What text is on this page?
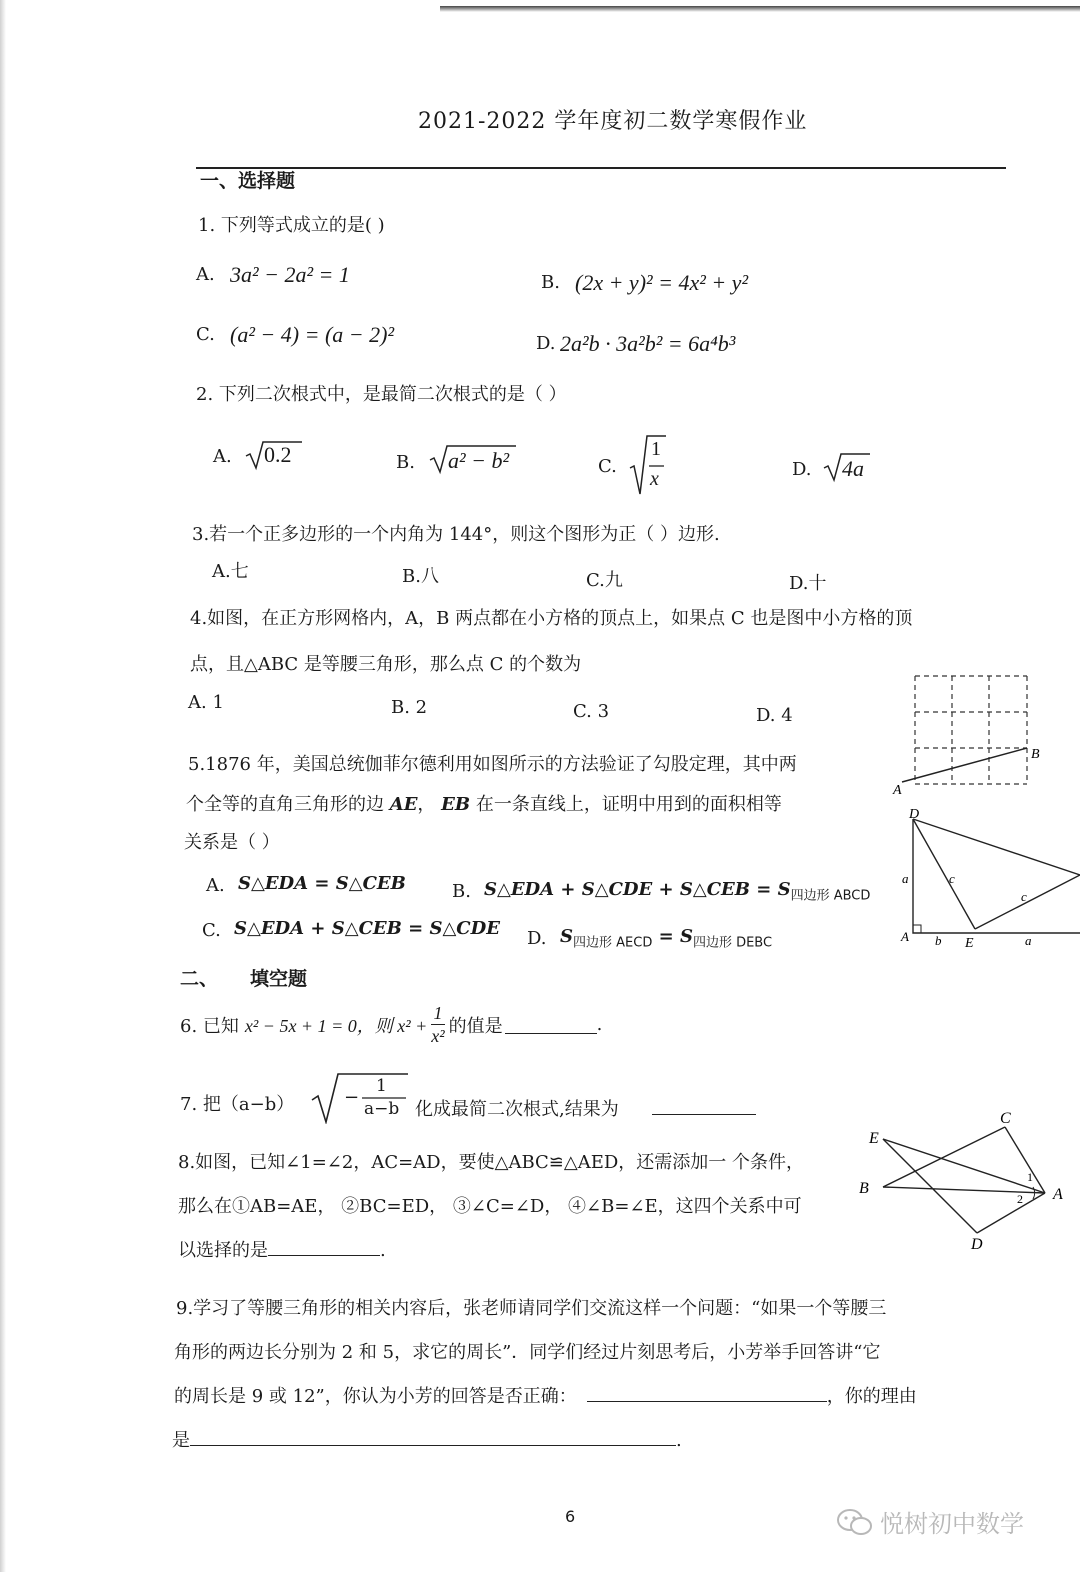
2021-2022 学年度初二数学寒假作业
一、选择题
1. 下列等式成立的是( )
A. 3a² − 2a² = 1	B. (2x + y)² = 4x² + y²
C. (a² − 4) = (a − 2)²	D. 2a²b · 3a²b² = 6a⁴b³
2. 下列二次根式中，是最简二次根式的是（ ）
A. 0.2	B. a² − b²	C.
1
x	D. 4a
3.若一个正多边形的一个内角为 144°，则这个图形为正（ ）边形.
A.七	B.八	C.九	D.十
4.如图，在正方形网格内，A，B 两点都在小方格的顶点上，如果点 C 也是图中小方格的顶
点，且△ABC 是等腰三角形，那么点 C 的个数为
A. 1	B. 2	C. 3	D. 4
A
B
5.1876 年，美国总统伽菲尔德利用如图所示的方法验证了勾股定理，其中两
个全等的直角三角形的边 AE， EB 在一条直线上，证明中用到的面积相等
关系是（ ）
A. S△EDA = S△CEB	B. S△EDA + S△CDE + S△CEB = $S_{四边形 ABCD}$
C. S△EDA + S△CEB = S△CDE D. $S_{四边形 AECD} = S_{四边形 DEBC}$
D
A	E
a
b
c
c
a
二、 填空题
6. 已知 x² − 5x + 1 = 0，则 $x^2 + \frac{1}{\text{x²}}$ 的值是	.
7. 把（a−b）	−
1
a−b 化成最简二次根式,结果为
8.如图，已知∠1=∠2，AC=AD，要使△ABC≌△AED，还需添加一 个条件，
那么在①AB=AE， ②BC=ED， ③∠C=∠D， ④∠B=∠E，这四个关系中可
以选择的是	.
E
C
B	A
D
1
2
9.学习了等腰三角形的相关内容后，张老师请同学们交流这样一个问题：“如果一个等腰三
角形的两边长分别为 2 和 5，求它的周长”．同学们经过片刻思考后，小芳举手回答讲“它
的周长是 9 或 12”，你认为小芳的回答是否正确：	，你的理由
是	.
6	悦树初中数学
